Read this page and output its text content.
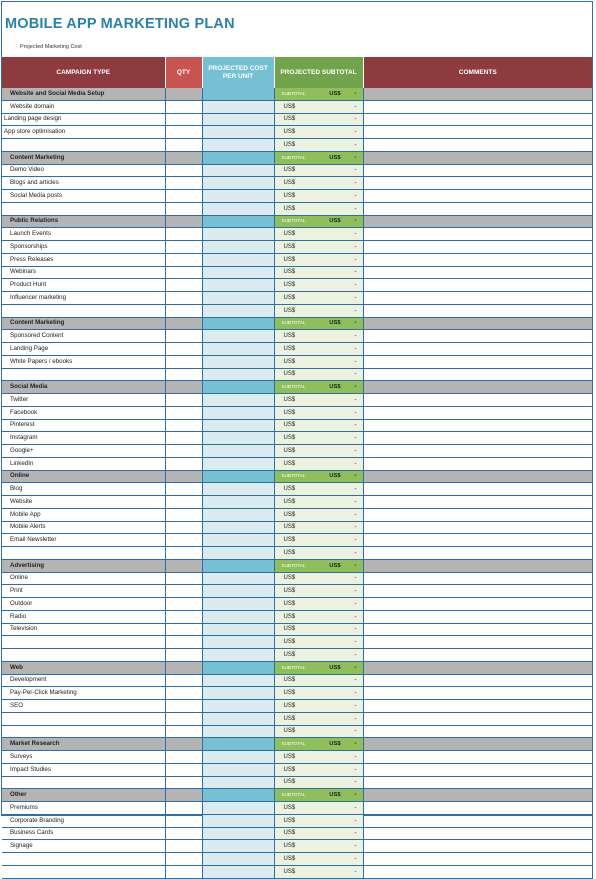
MOBILE APP MARKETING PLAN
Projected Marketing Cost
CAMPAIGN TYPE	QTY	PROJECTED COST PER UNIT	PROJECTED SUBTOTAL	COMMENTS
Website and Social Media Setup			SUBTOTAL US$ -	

Website domain			US$ -	

Landing page design			US$ -	

App store optimisation			US$ -	

			US$ -	

Content Marketing			SUBTOTAL US$ -	

Demo Video			US$ -	

Blogs and articles			US$ -	

Social Media posts			US$ -	

			US$ -	

Public Relations			SUBTOTAL US$ -	

Launch Events			US$ -	

Sponsorships			US$ -	

Press Releases			US$ -	

Webinars			US$ -	

Product Hunt			US$ -	

Influencer marketing			US$ -	

			US$ -	

Content Marketing			SUBTOTAL US$ -	

Sponsored Content			US$ -	

Landing Page			US$ -	

White Papers / ebooks			US$ -	

			US$ -	

Social Media			SUBTOTAL US$ -	

Twitter			US$ -	

Facebook			US$ -	

Pinterest			US$ -	

Instagram			US$ -	

Google+			US$ -	

LinkedIn			US$ -	

Online			SUBTOTAL US$ -	

Blog			US$ -	

Website			US$ -	

Mobile App			US$ -	

Mobile Alerts			US$ -	

Email Newsletter			US$ -	

			US$ -	

Advertising			SUBTOTAL US$ -	

Online			US$ -	

Print			US$ -	

Outdoor			US$ -	

Radio			US$ -	

Television			US$ -	

			US$ -	

			US$ -	

Web			SUBTOTAL US$ -	

Development			US$ -	

Pay-Per-Click Marketing			US$ -	

SEO			US$ -	

			US$ -	

			US$ -	

Market Research			SUBTOTAL US$ -	

Surveys			US$ -	

Impact Studies			US$ -	

			US$ -	

Other			SUBTOTAL US$ -	

Premiums			US$ -	

Corporate Branding			US$ -	

Business Cards			US$ -	

Signage			US$ -	

			US$ -	

			US$ -	
